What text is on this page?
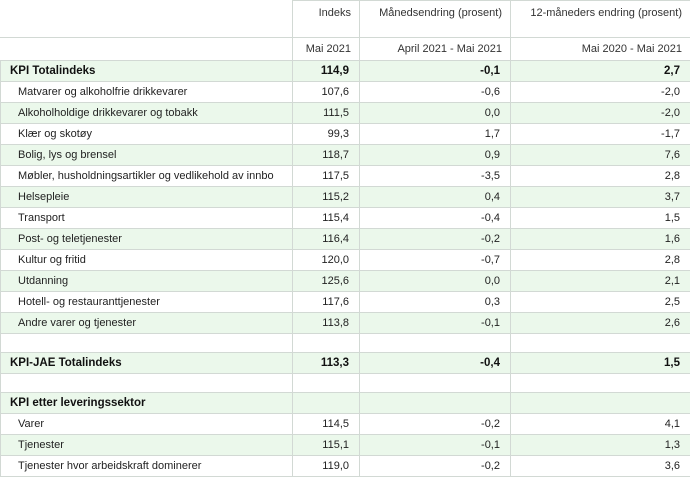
	Indeks	Månedsendring (prosent)	12-måneders endring (prosent)
	Mai 2021	April 2021 - Mai 2021	Mai 2020 - Mai 2021
KPI Totalindeks	114,9	-0,1	2,7
Matvarer og alkoholfrie drikkevarer	107,6	-0,6	-2,0
Alkoholholdige drikkevarer og tobakk	111,5	0,0	-2,0
Klær og skotøy	99,3	1,7	-1,7
Bolig, lys og brensel	118,7	0,9	7,6
Møbler, husholdningsartikler og vedlikehold av innbo	117,5	-3,5	2,8
Helsepleie	115,2	0,4	3,7
Transport	115,4	-0,4	1,5
Post- og teletjenester	116,4	-0,2	1,6
Kultur og fritid	120,0	-0,7	2,8
Utdanning	125,6	0,0	2,1
Hotell- og restauranttjenester	117,6	0,3	2,5
Andre varer og tjenester	113,8	-0,1	2,6

KPI-JAE Totalindeks	113,3	-0,4	1,5

KPI etter leveringssektor			
Varer	114,5	-0,2	4,1
Tjenester	115,1	-0,1	1,3
Tjenester hvor arbeidskraft dominerer	119,0	-0,2	3,6
